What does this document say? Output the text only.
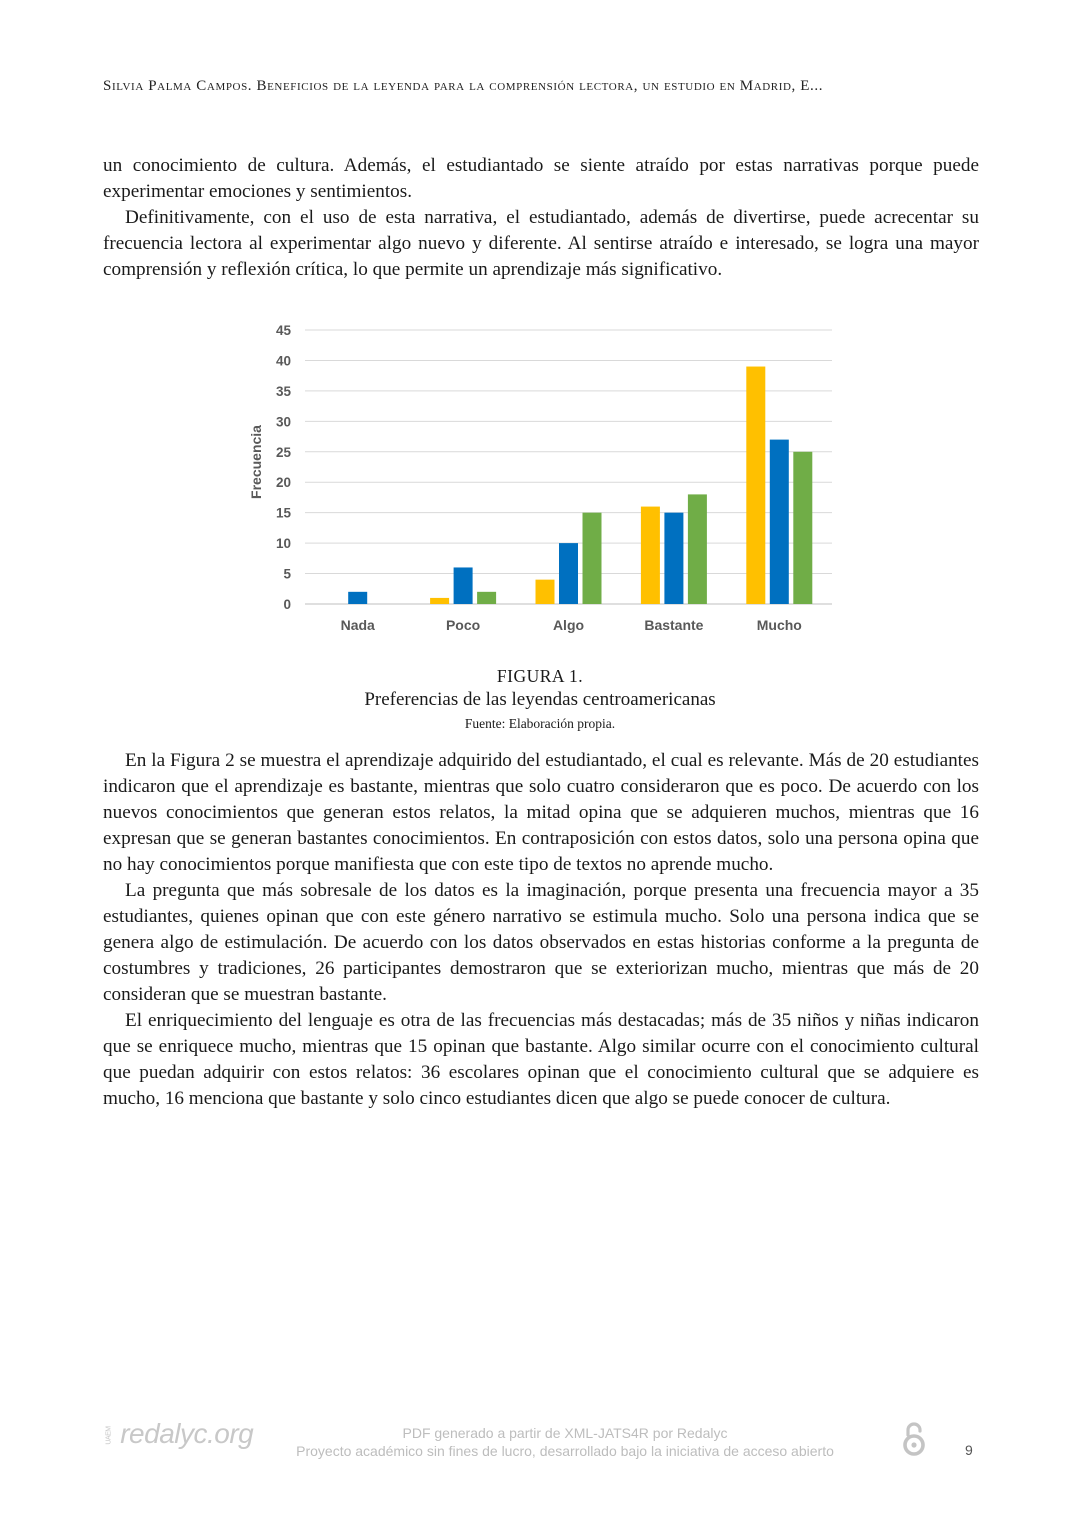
Silvia Palma Campos. Beneficios de la leyenda para la comprensión lectora, un estudio en Madrid, E...

un conocimiento de cultura. Además, el estudiantado se siente atraído por estas narrativas porque puede experimentar emociones y sentimientos.

Definitivamente, con el uso de esta narrativa, el estudiantado, además de divertirse, puede acrecentar su frecuencia lectora al experimentar algo nuevo y diferente. Al sentirse atraído e interesado, se logra una mayor comprensión y reflexión crítica, lo que permite un aprendizaje más significativo.

0
5
10
15
20
25
30
35
40
45
Nada	Poco	Algo	Bastante	Mucho
Frecuencia
FIGURA 1.
Preferencias de las leyendas centroamericanas
Fuente: Elaboración propia.

En la Figura 2 se muestra el aprendizaje adquirido del estudiantado, el cual es relevante. Más de 20 estudiantes indicaron que el aprendizaje es bastante, mientras que solo cuatro consideraron que es poco. De acuerdo con los nuevos conocimientos que generan estos relatos, la mitad opina que se adquieren muchos, mientras que 16 expresan que se generan bastantes conocimientos. En contraposición con estos datos, solo una persona opina que no hay conocimientos porque manifiesta que con este tipo de textos no aprende mucho.

La pregunta que más sobresale de los datos es la imaginación, porque presenta una frecuencia mayor a 35 estudiantes, quienes opinan que con este género narrativo se estimula mucho. Solo una persona indica que se genera algo de estimulación. De acuerdo con los datos observados en estas historias conforme a la pregunta de costumbres y tradiciones, 26 participantes demostraron que se exteriorizan mucho, mientras que más de 20 consideran que se muestran bastante.

El enriquecimiento del lenguaje es otra de las frecuencias más destacadas; más de 35 niños y niñas indicaron que se enriquece mucho, mientras que 15 opinan que bastante. Algo similar ocurre con el conocimiento cultural que puedan adquirir con estos relatos: 36 escolares opinan que el conocimiento cultural que se adquiere es mucho, 16 menciona que bastante y solo cinco estudiantes dicen que algo se puede conocer de cultura.

UAEM redalyc.org	PDF generado a partir de XML-JATS4R por Redalyc
Proyecto académico sin fines de lucro, desarrollado bajo la iniciativa de acceso abierto	9
